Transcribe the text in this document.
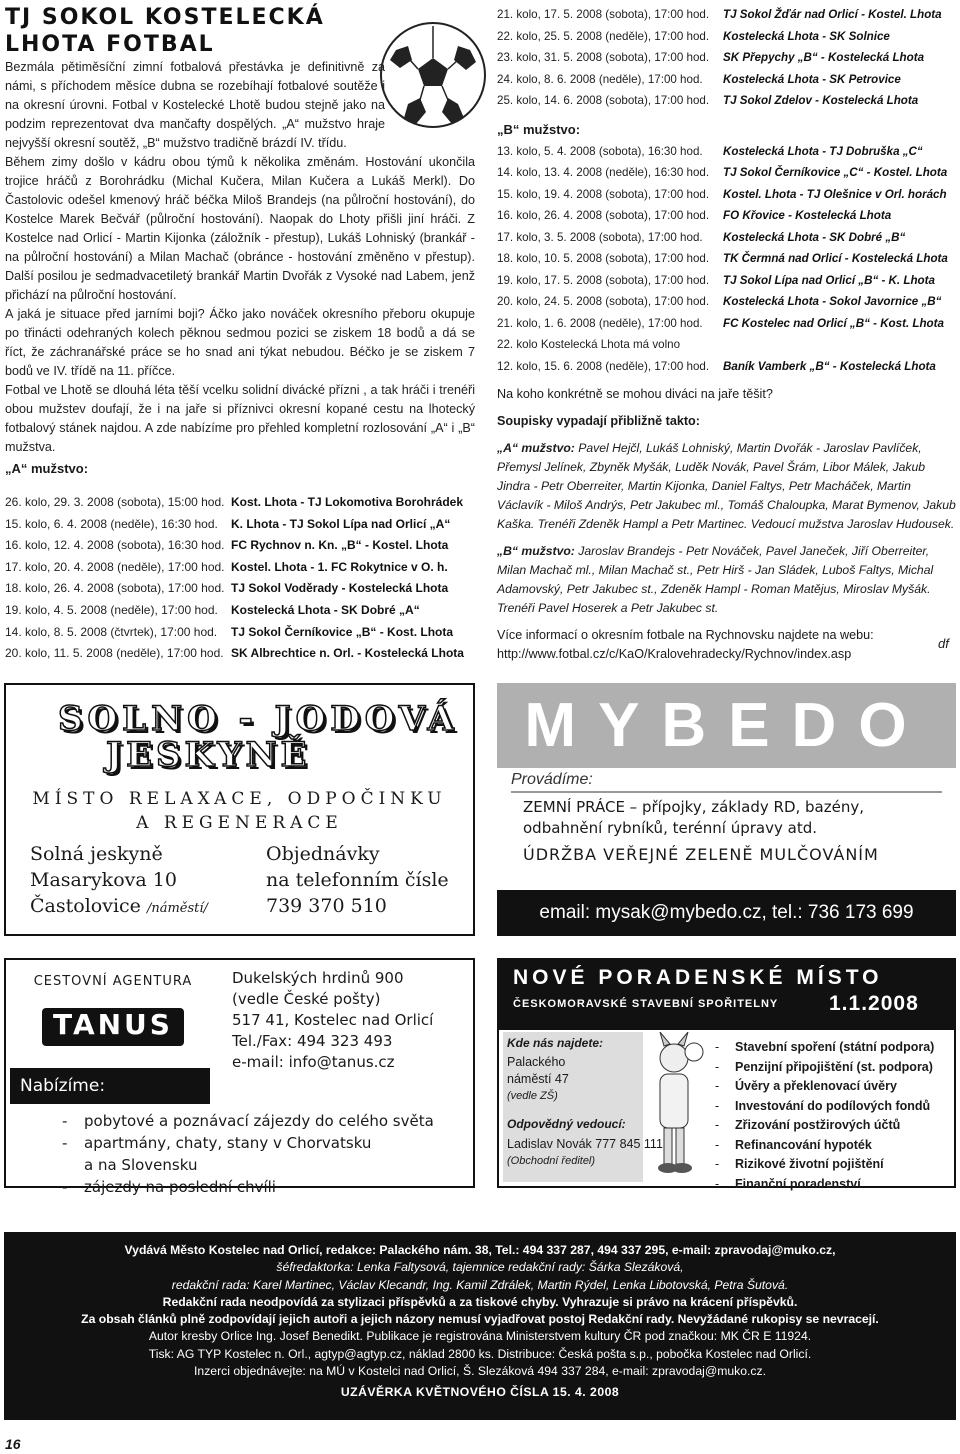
TJ SOKOL KOSTELECKÁ LHOTA FOTBAL

Bezmála pětiměsíční zimní fotbalová přestávka je definitivně za námi, s příchodem měsíce dubna se rozebíhají fotbalové soutěže i na okresní úrovni. Fotbal v Kostelecké Lhotě budou stejně jako na podzim reprezentovat dva mančafty dospělých. „A“ mužstvo hraje nejvyšší okresní soutěž, „B“ mužstvo tradičně brázdí IV. třídu.

Během zimy došlo v kádru obou týmů k několika změnám. Hostování ukončila trojice hráčů z Borohrádku (Michal Kučera, Milan Kučera a Lukáš Merkl). Do Častolovic odešel kmenový hráč béčka Miloš Brandejs (na půlroční hostování), do Kostelce Marek Bečvář (půlroční hostování). Naopak do Lhoty přišli jiní hráči. Z Kostelce nad Orlicí - Martin Kijonka (záložník - přestup), Lukáš Lohniský (brankář - na půlroční hostování) a Milan Machač (obránce - hostování změněno v přestup). Další posilou je sedmadvacetiletý brankář Martin Dvořák z Vysoké nad Labem, jenž přichází na půlroční hostování.

A jaká je situace před jarními boji? Áčko jako nováček okresního přeboru okupuje po třinácti odehraných kolech pěknou sedmou pozici se ziskem 18 bodů a dá se říct, že záchranářské práce se ho snad ani týkat nebudou. Béčko je se ziskem 7 bodů ve IV. třídě na 11. příčce.

Fotbal ve Lhotě se dlouhá léta těší vcelku solidní divácké přízni , a tak hráči i trenéři obou mužstev doufají, že i na jaře si příznivci okresní kopané cestu na lhotecký fotbalový stánek najdou. A zde nabízíme pro přehled kompletní rozlosování „A“ i „B“ mužstva.

„A“ mužstvo:
26. kolo, 29. 3. 2008 (sobota), 15:00 hod. Kost. Lhota - TJ Lokomotiva Borohrádek
15. kolo, 6. 4. 2008 (neděle), 16:30 hod.	K. Lhota - TJ Sokol Lípa nad Orlicí „A“
16. kolo, 12. 4. 2008 (sobota), 16:30 hod. FC Rychnov n. Kn. „B“ - Kostel. Lhota
17. kolo, 20. 4. 2008 (neděle), 17:00 hod. Kostel. Lhota - 1. FC Rokytnice v O. h.
18. kolo, 26. 4. 2008 (sobota), 17:00 hod. TJ Sokol Voděrady - Kostelecká Lhota
19. kolo, 4. 5. 2008 (neděle), 17:00 hod.	Kostelecká Lhota - SK Dobré „A“
14. kolo, 8. 5. 2008 (čtvrtek), 17:00 hod.	TJ Sokol Černíkovice „B“ - Kost. Lhota
20. kolo, 11. 5. 2008 (neděle), 17:00 hod. SK Albrechtice n. Orl. - Kostelecká Lhota
21. kolo, 17. 5. 2008 (sobota), 17:00 hod.	TJ Sokol Žďár nad Orlicí - Kostel. Lhota
22. kolo, 25. 5. 2008 (neděle), 17:00 hod.	Kostelecká Lhota - SK Solnice
23. kolo, 31. 5. 2008 (sobota), 17:00 hod.	SK Přepychy „B“ - Kostelecká Lhota
24. kolo, 8. 6. 2008 (neděle), 17:00 hod.	Kostelecká Lhota - SK Petrovice
25. kolo, 14. 6. 2008 (sobota), 17:00 hod.	TJ Sokol Zdelov - Kostelecká Lhota
„B“ mužstvo:
13. kolo, 5. 4. 2008 (sobota), 16:30 hod.	Kostelecká Lhota - TJ Dobruška „C“
14. kolo, 13. 4. 2008 (neděle), 16:30 hod.	TJ Sokol Černíkovice „C“ - Kostel. Lhota
15. kolo, 19. 4. 2008 (sobota), 17:00 hod.	Kostel. Lhota - TJ Olešnice v Orl. horách
16. kolo, 26. 4. 2008 (sobota), 17:00 hod.	FO Křovice - Kostelecká Lhota
17. kolo, 3. 5. 2008 (sobota), 17:00 hod.	Kostelecká Lhota - SK Dobré „B“
18. kolo, 10. 5. 2008 (sobota), 17:00 hod.	TK Čermná nad Orlicí - Kostelecká Lhota
19. kolo, 17. 5. 2008 (sobota), 17:00 hod.	TJ Sokol Lípa nad Orlicí „B“ - K. Lhota
20. kolo, 24. 5. 2008 (sobota), 17:00 hod.	Kostelecká Lhota - Sokol Javornice „B“
21. kolo, 1. 6. 2008 (neděle), 17:00 hod.	FC Kostelec nad Orlicí „B“ - Kost. Lhota
22. kolo Kostelecká Lhota má volno
12. kolo, 15. 6. 2008 (neděle), 17:00 hod.	Baník Vamberk „B“ - Kostelecká Lhota
Na koho konkrétně se mohou diváci na jaře těšit?
Soupisky vypadají přibližně takto:
„A“ mužstvo: Pavel Hejčl, Lukáš Lohniský, Martin Dvořák - Jaroslav Pavlíček, Přemysl Jelínek, Zbyněk Myšák, Luděk Novák, Pavel Šrám, Libor Málek, Jakub Jindra - Petr Oberreiter, Martin Kijonka, Daniel Faltys, Petr Macháček, Martin Václavík - Miloš Andrýs, Petr Jakubec ml., Tomáš Chaloupka, Marat Bymenov, Jakub Kaška. Trenéři Zdeněk Hampl a Petr Martinec. Vedoucí mužstva Jaroslav Hudousek.
„B“ mužstvo: Jaroslav Brandejs - Petr Nováček, Pavel Janeček, Jiří Oberreiter, Milan Machač ml., Milan Machač st., Petr Hirš - Jan Sládek, Luboš Faltys, Michal Adamovský, Petr Jakubec st., Zdeněk Hampl - Roman Matějus, Miroslav Myšák. Trenéři Pavel Hoserek a Petr Jakubec st.
Více informací o okresním fotbale na Rychnovsku najdete na webu:
http://www.fotbal.cz/c/KaO/Kralovehradecky/Rychnov/index.asp
df
SOLNO - JODOVÁ
JESKYNĚ
MÍSTO RELAXACE, ODPOČINKU
A REGENERACE
Solná jeskyně
Masarykova 10
Častolovice /náměstí/
Objednávky
na telefonním čísle
739 370 510
MYBEDO
Provádíme:
ZEMNÍ PRÁCE – přípojky, základy RD, bazény, odbahnění rybníků, terénní úpravy atd.
ÚDRŽBA VEŘEJNÉ ZELENĚ MULČOVÁNÍM
email: mysak@mybedo.cz, tel.: 736 173 699
CESTOVNÍ AGENTURA
TANUS
Dukelských hrdinů 900
(vedle České pošty)
517 41, Kostelec nad Orlicí
Tel./Fax: 494 323 493
e-mail: info@tanus.cz
Nabízíme:
-	pobytové a poznávací zájezdy do celého světa
-	apartmány, chaty, stany v Chorvatsku
a na Slovensku
-	zájezdy na poslední chvíli
NOVÉ PORADENSKÉ MÍSTO
ČESKOMORAVSKÉ STAVEBNÍ SPOŘITELNY 1.1.2008
Kde nás najdete:
Palackého
náměstí 47
(vedle ZŠ)
Odpovědný vedoucí:
Ladislav Novák 777 845 111
(Obchodní ředitel)
-	Stavební spoření (státní podpora)
-	Penzijní připojištění (st. podpora)
-	Úvěry a překlenovací úvěry
-	Investování do podílových fondů
-	Zřizování postžirových účtů
-	Refinancování hypoték
-	Rizikové životní pojištění
-	Finanční poradenství
Vydává Město Kostelec nad Orlicí, redakce: Palackého nám. 38, Tel.: 494 337 287, 494 337 295, e-mail: zpravodaj@muko.cz,
šéfredaktorka: Lenka Faltysová, tajemnice redakční rady: Šárka Slezáková,
redakční rada: Karel Martinec, Václav Klecandr, Ing. Kamil Zdrálek, Martin Rýdel, Lenka Libotovská, Petra Šutová.
Redakční rada neodpovídá za stylizaci příspěvků a za tiskové chyby. Vyhrazuje si právo na krácení příspěvků.
Za obsah článků plně zodpovídají jejich autoři a jejich názory nemusí vyjadřovat postoj Redakční rady. Nevyžádané rukopisy se nevracejí.
Autor kresby Orlice Ing. Josef Benedikt. Publikace je registrována Ministerstvem kultury ČR pod značkou: MK ČR E 11924.
Tisk: AG TYP Kostelec n. Orl., agtyp@agtyp.cz, náklad 2800 ks. Distribuce: Česká pošta s.p., pobočka Kostelec nad Orlicí.
Inzerci objednávejte: na MÚ v Kostelci nad Orlicí, Š. Slezáková 494 337 284, e-mail: zpravodaj@muko.cz.
UZÁVĚRKA KVĚTNOVÉHO ČÍSLA 15. 4. 2008
16
